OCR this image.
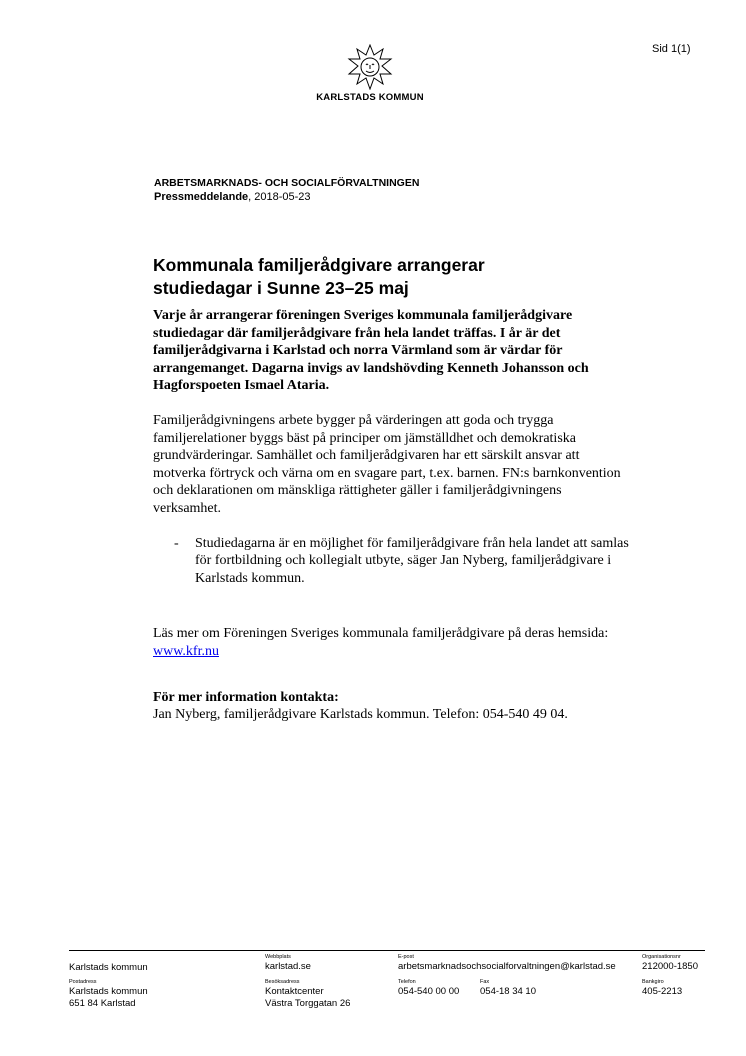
Sid 1(1)
KARLSTADS KOMMUN
ARBETSMARKNADS- OCH SOCIALFÖRVALTNINGEN
Pressmeddelande, 2018-05-23
Kommunala familjerådgivare arrangerar
studiedagar i Sunne 23–25 maj

Varje år arrangerar föreningen Sveriges kommunala familjerådgivare studiedagar där familjerådgivare från hela landet träffas. I år är det familjerådgivarna i Karlstad och norra Värmland som är värdar för arrangemanget. Dagarna invigs av landshövding Kenneth Johansson och Hagforspoeten Ismael Ataria.

Familjerådgivningens arbete bygger på värderingen att goda och trygga familjerelationer byggs bäst på principer om jämställdhet och demokratiska grundvärderingar. Samhället och familjerådgivaren har ett särskilt ansvar att motverka förtryck och värna om en svagare part, t.ex. barnen. FN:s barnkonvention och deklarationen om mänskliga rättigheter gäller i familjerådgivningens verksamhet.

-	Studiedagarna är en möjlighet för familjerådgivare från hela landet att samlas för fortbildning och kollegialt utbyte, säger Jan Nyberg, familjerådgivare i Karlstads kommun.

Läs mer om Föreningen Sveriges kommunala familjerådgivare på deras hemsida: www.kfr.nu

För mer information kontakta:
Jan Nyberg, familjerådgivare Karlstads kommun. Telefon: 054-540 49 04.
Karlstads kommun
Webbplats
karlstad.se
E-post
arbetsmarknadsochsocialforvaltningen@karlstad.se
Organisationsnr
212000-1850
Postadress
Karlstads kommun
651 84 Karlstad
Besöksadress
Kontaktcenter
Västra Torggatan 26
Telefon
054-540 00 00
Fax
054-18 34 10
Bankgiro
405-2213
